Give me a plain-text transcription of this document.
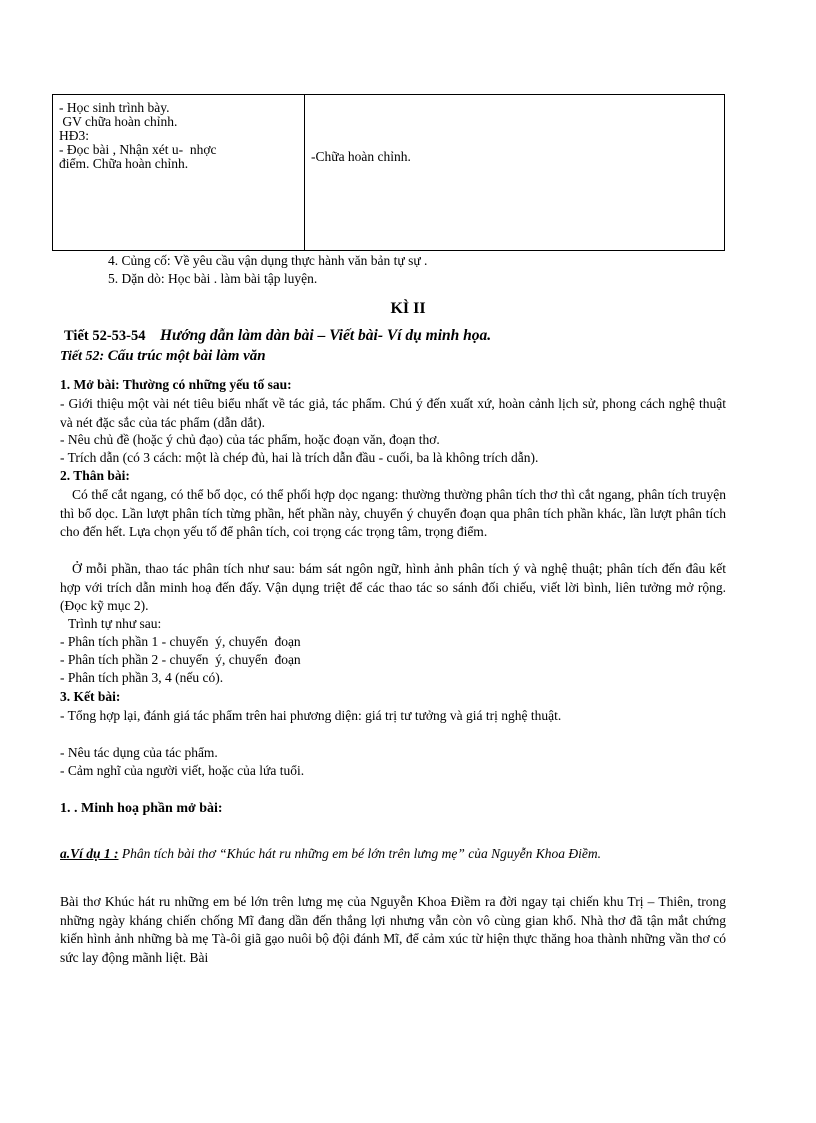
- Học sinh trình bày.
GV chữa hoàn chỉnh.
HĐ3:
- Đọc bài , Nhận xét u-  nhợc
điểm. Chữa hoàn chỉnh.	-Chữa hoàn chỉnh.
4. Củng cố: Về yêu cầu vận dụng thực hành văn bản tự sự .
5. Dặn dò: Học bài . làm bài tập luyện.
KÌ II
Tiết 52-53-54 Hướng dẫn làm dàn bài – Viết bài- Ví dụ minh họa.
Tiết 52: Cấu trúc một bài làm văn
1. Mở bài: Thường có những yếu tố sau:
- Giới thiệu một vài nét tiêu biểu nhất về tác giả, tác phẩm. Chú ý đến xuất xứ, hoàn cảnh lịch sử, phong cách nghệ thuật và nét đặc sắc của tác phẩm (dẫn dắt).
- Nêu chủ đề (hoặc ý chủ đạo) của tác phẩm, hoặc đoạn văn, đoạn thơ.
- Trích dẫn (có 3 cách: một là chép đủ, hai là trích dẫn đầu - cuối, ba là không trích dẫn).
2. Thân bài:
Có thể cắt ngang, có thể bổ dọc, có thể phối hợp dọc ngang: thường thường phân tích thơ thì cắt ngang, phân tích truyện thì bổ dọc. Lần lượt phân tích từng phần, hết phần này, chuyển ý chuyển đoạn qua phân tích phần khác, lần lượt phân tích cho đến hết. Lựa chọn yếu tố để phân tích, coi trọng các trọng tâm, trọng điểm.
Ở mỗi phần, thao tác phân tích như sau: bám sát ngôn ngữ, hình ảnh phân tích ý và nghệ thuật; phân tích đến đâu kết hợp với trích dẫn minh hoạ đến đấy. Vận dụng triệt để các thao tác so sánh đối chiếu, viết lời bình, liên tưởng mở rộng. (Đọc kỹ mục 2).
Trình tự như sau:
- Phân tích phần 1 - chuyển  ý, chuyển  đoạn
- Phân tích phần 2 - chuyển  ý, chuyển  đoạn
- Phân tích phần 3, 4 (nếu có).
3. Kết bài:
- Tổng hợp lại, đánh giá tác phẩm trên hai phương diện: giá trị tư tưởng và giá trị nghệ thuật.
- Nêu tác dụng của tác phẩm.
- Cảm nghĩ của người viết, hoặc của lứa tuổi.
1. . Minh hoạ phần mở bài:
a.Ví dụ 1 : Phân tích bài thơ “Khúc hát ru những em bé lớn trên lưng mẹ” của Nguyễn Khoa Điềm.
Bài thơ Khúc hát ru những em bé lớn trên lưng mẹ của Nguyễn Khoa Điềm ra đời ngay tại chiến khu Trị – Thiên, trong những ngày kháng chiến chống Mĩ đang dần đến thắng lợi nhưng vẫn còn vô cùng gian khổ. Nhà thơ đã tận mắt chứng kiến hình ảnh những bà mẹ Tà-ôi giã gạo nuôi bộ đội đánh Mĩ, để cảm xúc từ hiện thực thăng hoa thành những vần thơ có sức lay động mãnh liệt. Bài
